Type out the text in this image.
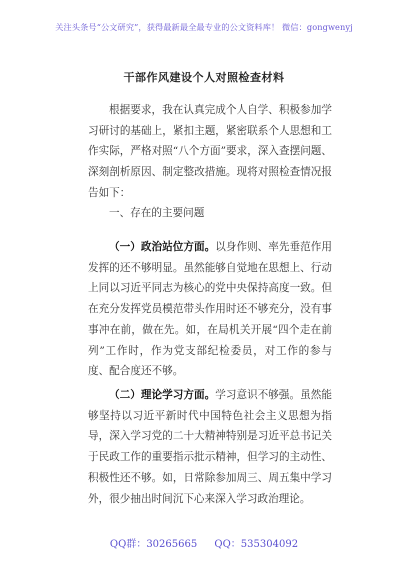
关注头条号“公文研究”，获得最新最全最专业的公文资料库！ 微信：gongwenyj
干部作风建设个人对照检查材料
根据要求，我在认真完成个人自学、积极参加学习研讨的基础上，紧扣主题，紧密联系个人思想和工作实际，严格对照“八个方面”要求，深入查摆问题、深刻剖析原因、制定整改措施。现将对照检查情况报告如下：
一、存在的主要问题
（一）政治站位方面。以身作则、率先垂范作用发挥的还不够明显。虽然能够自觉地在思想上、行动上同以习近平同志为核心的党中央保持高度一致。但在充分发挥党员模范带头作用时还不够充分，没有事事冲在前，做在先。如，在局机关开展“四个走在前列”工作时，作为党支部纪检委员，对工作的参与度、配合度还不够。
（二）理论学习方面。学习意识不够强。虽然能够坚持以习近平新时代中国特色社会主义思想为指导，深入学习党的二十大精神特别是习近平总书记关于民政工作的重要指示批示精神，但学习的主动性、积极性还不够。如，日常除参加周三、周五集中学习外，很少抽出时间沉下心来深入学习政治理论。
QQ群：30265665 QQ：535304092
